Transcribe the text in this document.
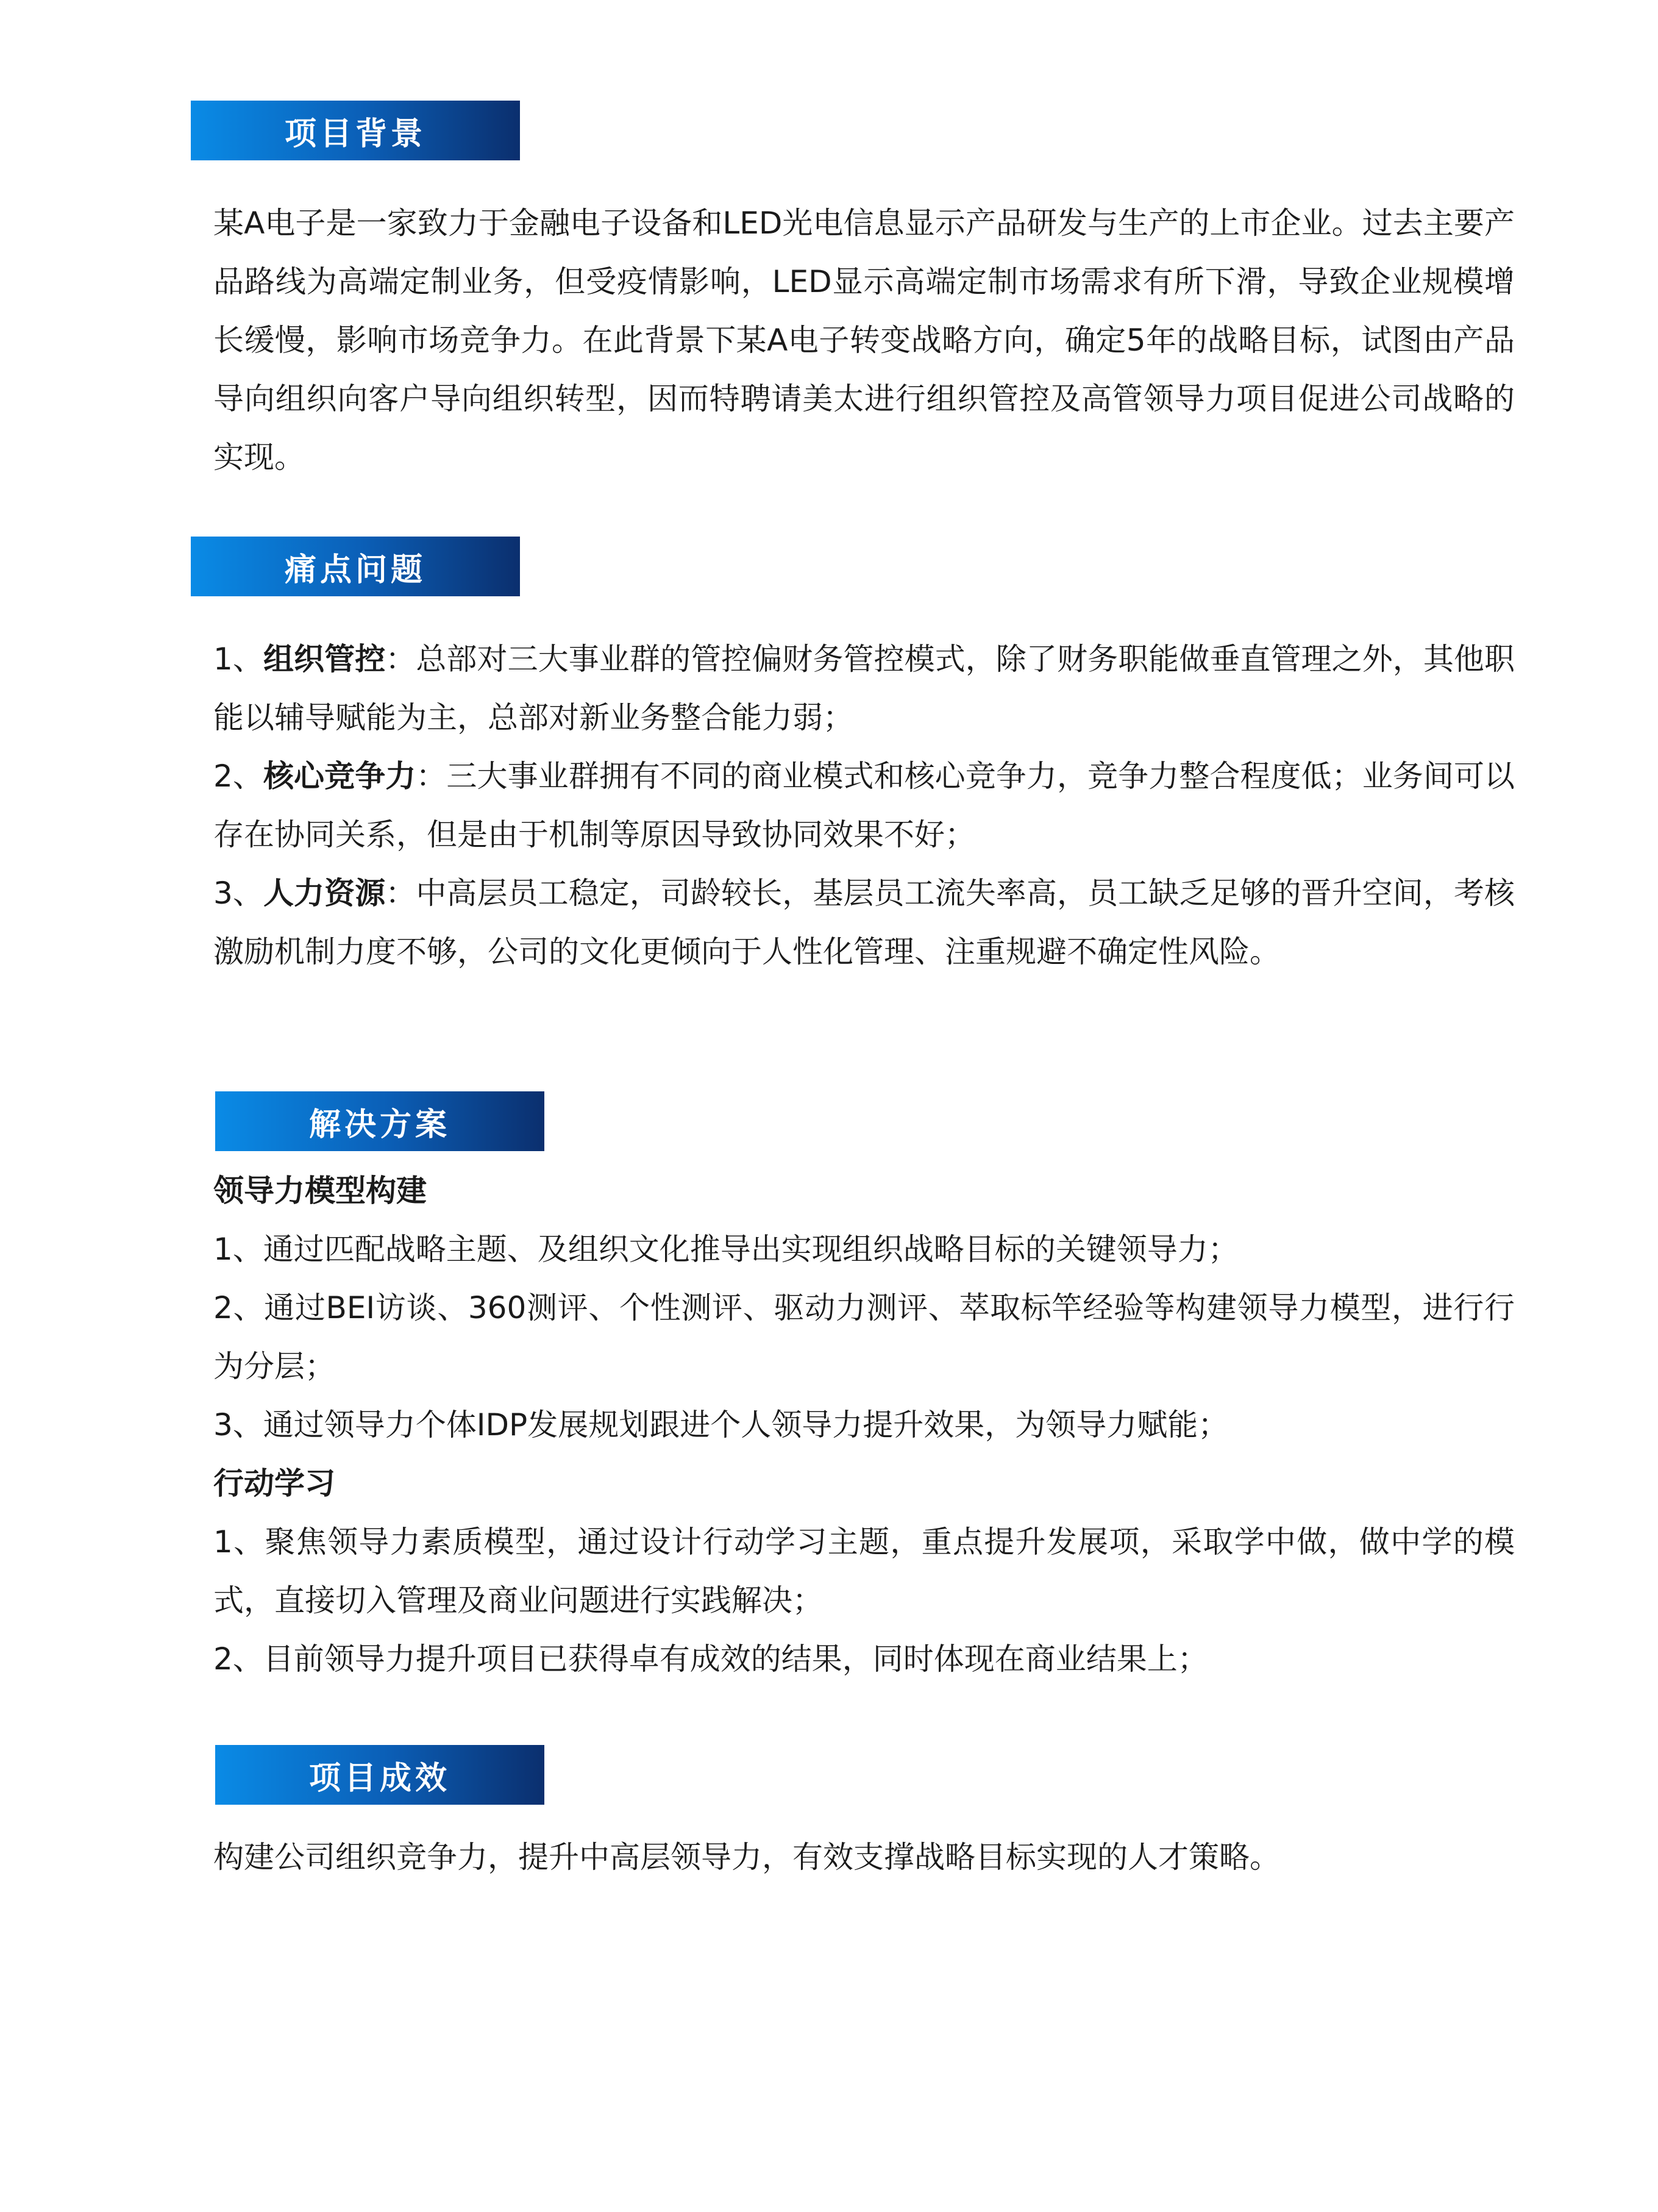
项目背景

某A电子是一家致力于金融电子设备和LED光电信息显示产品研发与生产的上市企业。过去主要产品路线为高端定制业务，但受疫情影响，LED显示高端定制市场需求有所下滑，导致企业规模增长缓慢，影响市场竞争力。在此背景下某A电子转变战略方向，确定5年的战略目标，试图由产品导向组织向客户导向组织转型，因而特聘请美太进行组织管控及高管领导力项目促进公司战略的实现。

痛点问题

1、组织管控：总部对三大事业群的管控偏财务管控模式，除了财务职能做垂直管理之外，其他职能以辅导赋能为主，总部对新业务整合能力弱；

2、核心竞争力：三大事业群拥有不同的商业模式和核心竞争力，竞争力整合程度低；业务间可以存在协同关系，但是由于机制等原因导致协同效果不好；

3、人力资源：中高层员工稳定，司龄较长，基层员工流失率高，员工缺乏足够的晋升空间，考核激励机制力度不够，公司的文化更倾向于人性化管理、注重规避不确定性风险。

解决方案

领导力模型构建

1、通过匹配战略主题、及组织文化推导出实现组织战略目标的关键领导力；

2、通过BEI访谈、360测评、个性测评、驱动力测评、萃取标竿经验等构建领导力模型，进行行为分层；

3、通过领导力个体IDP发展规划跟进个人领导力提升效果，为领导力赋能；

行动学习

1、聚焦领导力素质模型，通过设计行动学习主题，重点提升发展项，采取学中做，做中学的模式，直接切入管理及商业问题进行实践解决；

2、目前领导力提升项目已获得卓有成效的结果，同时体现在商业结果上；

项目成效

构建公司组织竞争力，提升中高层领导力，有效支撑战略目标实现的人才策略。
